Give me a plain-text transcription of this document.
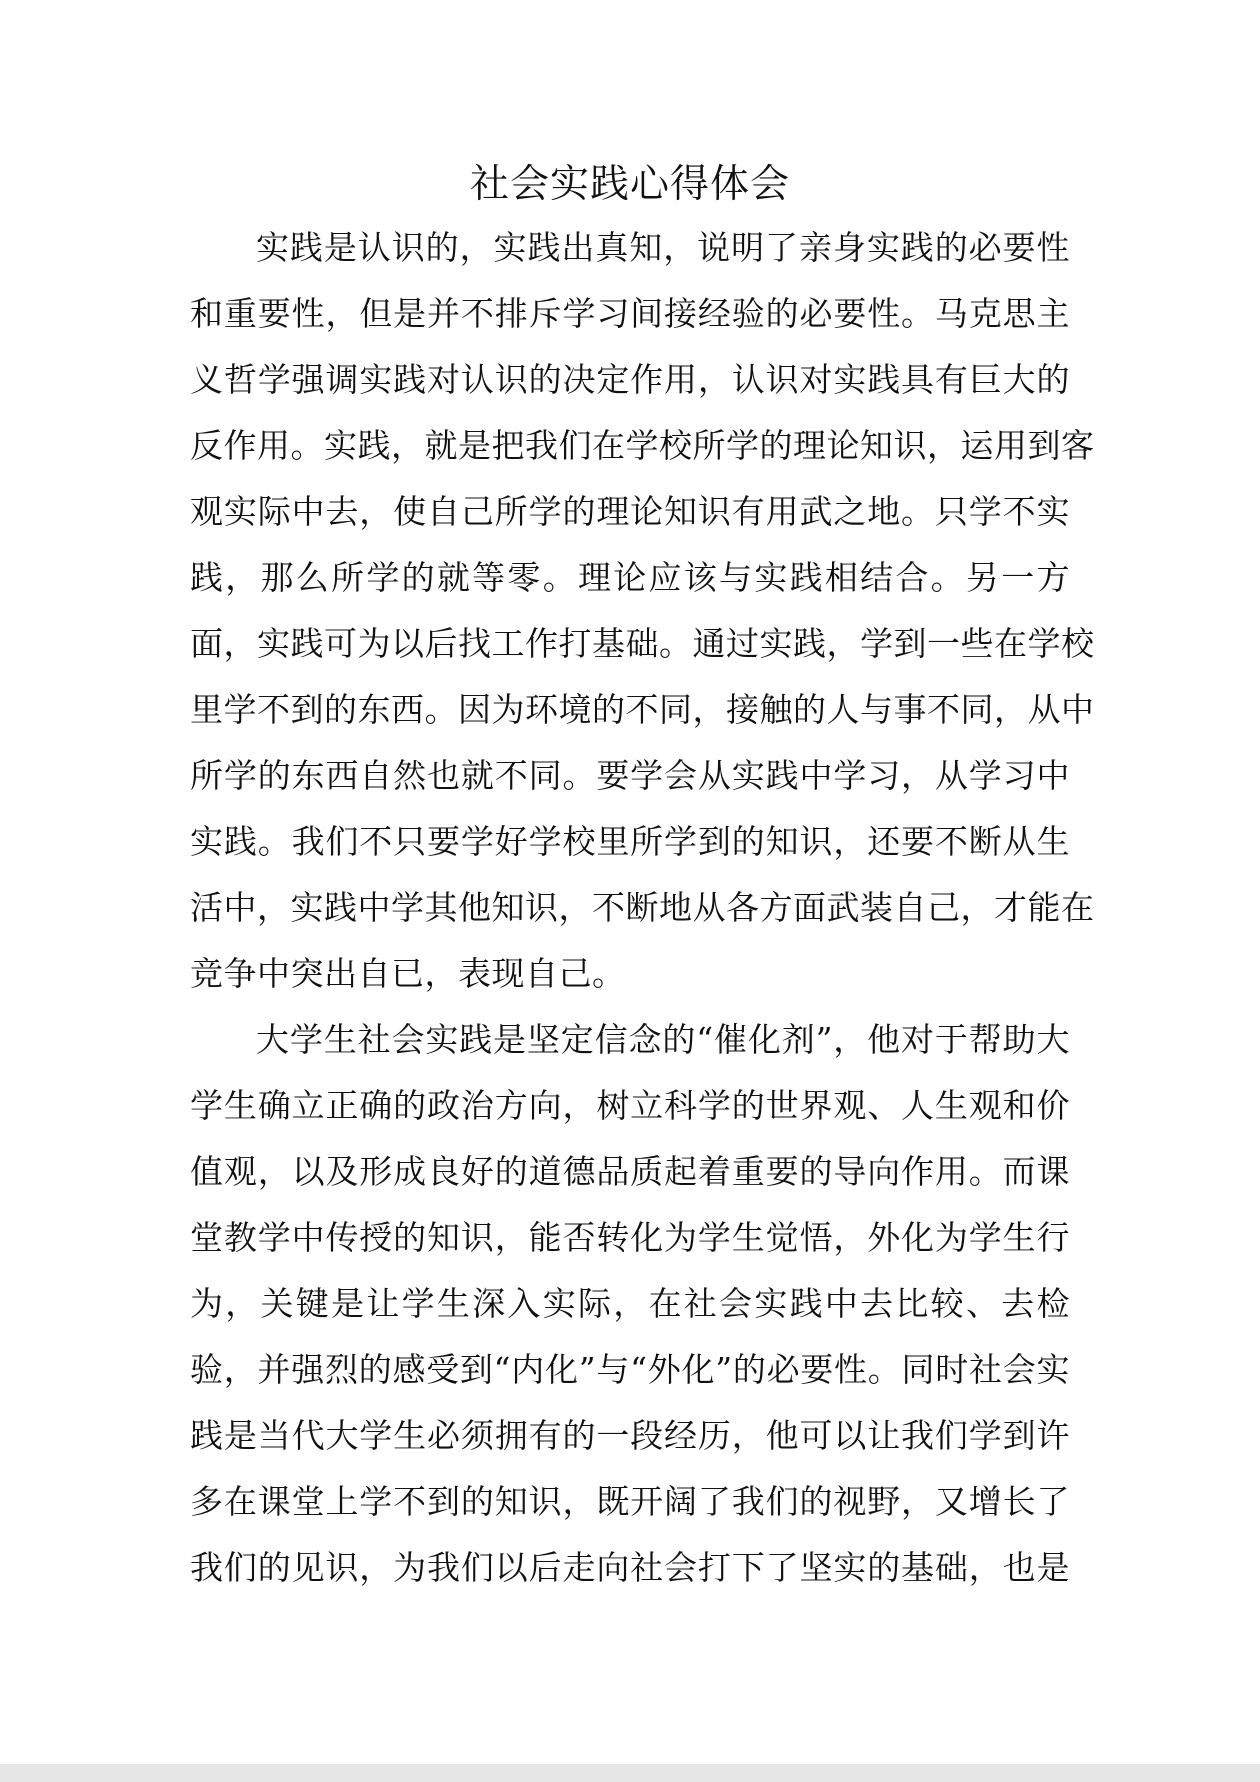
社会实践心得体会
实践是认识的，实践出真知，说明了亲身实践的必要性
和重要性，但是并不排斥学习间接经验的必要性。马克思主
义哲学强调实践对认识的决定作用，认识对实践具有巨大的
反作用。实践，就是把我们在学校所学的理论知识，运用到客
观实际中去，使自己所学的理论知识有用武之地。只学不实
践，那么所学的就等零。理论应该与实践相结合。另一方
面，实践可为以后找工作打基础。通过实践，学到一些在学校
里学不到的东西。因为环境的不同，接触的人与事不同，从中
所学的东西自然也就不同。要学会从实践中学习，从学习中
实践。我们不只要学好学校里所学到的知识，还要不断从生
活中，实践中学其他知识，不断地从各方面武装自己，才能在
竞争中突出自已，表现自己。
大学生社会实践是坚定信念的“催化剂”，他对于帮助大
学生确立正确的政治方向，树立科学的世界观、人生观和价
值观，以及形成良好的道德品质起着重要的导向作用。而课
堂教学中传授的知识，能否转化为学生觉悟，外化为学生行
为，关键是让学生深入实际，在社会实践中去比较、去检
验，并强烈的感受到“内化”与“外化”的必要性。同时社会实
践是当代大学生必须拥有的一段经历，他可以让我们学到许
多在课堂上学不到的知识，既开阔了我们的视野，又增长了
我们的见识，为我们以后走向社会打下了坚实的基础，也是
